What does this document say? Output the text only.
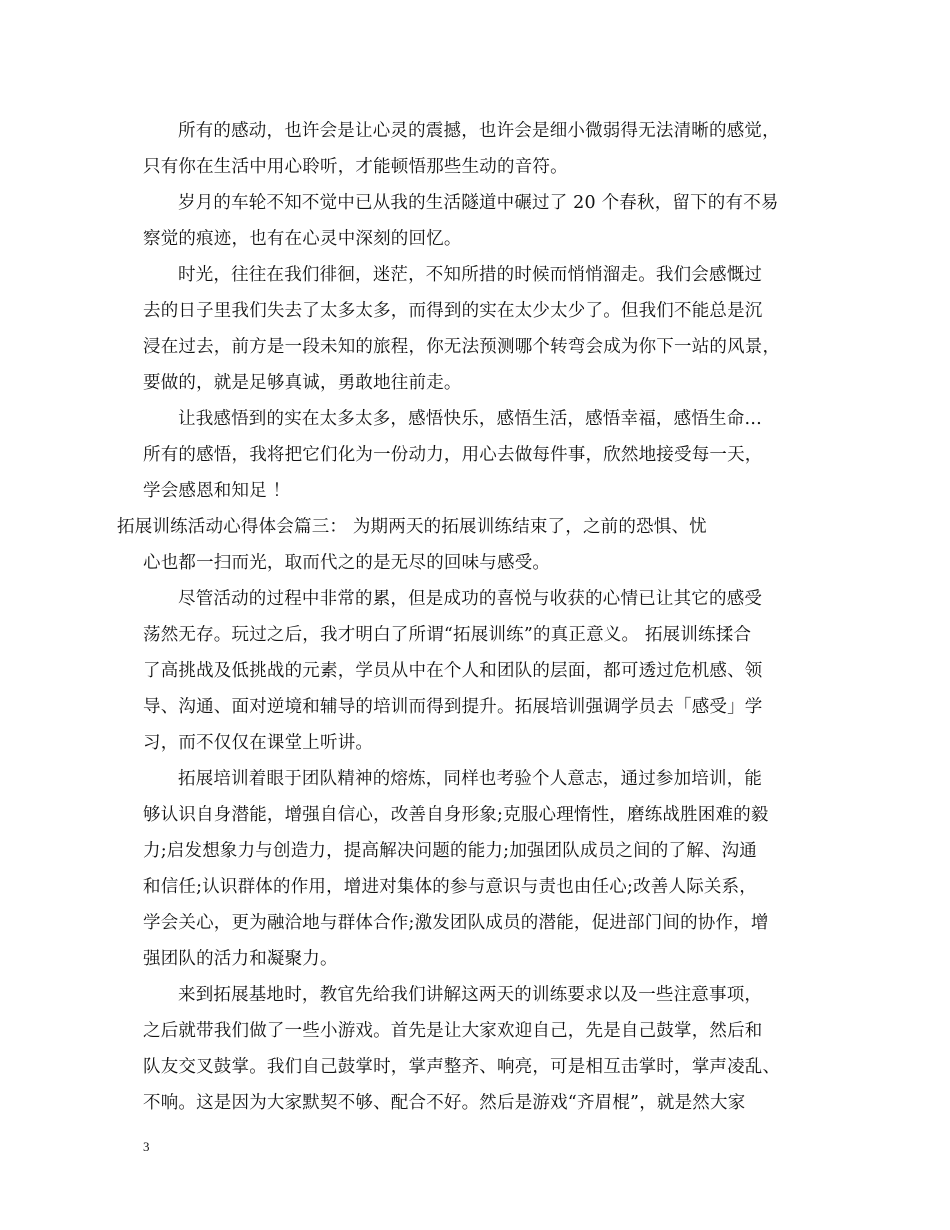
所有的感动，也许会是让心灵的震撼，也许会是细小微弱得无法清晰的感觉，
只有你在生活中用心聆听，才能顿悟那些生动的音符。
岁月的车轮不知不觉中已从我的生活隧道中碾过了 20 个春秋，留下的有不易
察觉的痕迹，也有在心灵中深刻的回忆。
时光，往往在我们徘徊，迷茫，不知所措的时候而悄悄溜走。我们会感慨过
去的日子里我们失去了太多太多，而得到的实在太少太少了。但我们不能总是沉
浸在过去，前方是一段未知的旅程，你无法预测哪个转弯会成为你下一站的风景，
要做的，就是足够真诚，勇敢地往前走。
让我感悟到的实在太多太多，感悟快乐，感悟生活，感悟幸福，感悟生命…
所有的感悟，我将把它们化为一份动力，用心去做每件事，欣然地接受每一天，
学会感恩和知足 ！
拓展训练活动心得体会篇三： 为期两天的拓展训练结束了，之前的恐惧、忧
心也都一扫而光，取而代之的是无尽的回味与感受。
尽管活动的过程中非常的累，但是成功的喜悦与收获的心情已让其它的感受
荡然无存。玩过之后，我才明白了所谓“拓展训练”的真正意义。 拓展训练揉合
了高挑战及低挑战的元素，学员从中在个人和团队的层面，都可透过危机感、领
导、沟通、面对逆境和辅导的培训而得到提升。拓展培训强调学员去「感受」学
习，而不仅仅在课堂上听讲。
拓展培训着眼于团队精神的熔炼，同样也考验个人意志，通过参加培训，能
够认识自身潜能，增强自信心，改善自身形象;克服心理惰性，磨练战胜困难的毅
力;启发想象力与创造力，提高解决问题的能力;加强团队成员之间的了解、沟通
和信任;认识群体的作用，增进对集体的参与意识与责也由任心;改善人际关系，
学会关心，更为融洽地与群体合作;激发团队成员的潜能，促进部门间的协作，增
强团队的活力和凝聚力。
来到拓展基地时，教官先给我们讲解这两天的训练要求以及一些注意事项，
之后就带我们做了一些小游戏。首先是让大家欢迎自己，先是自己鼓掌，然后和
队友交叉鼓掌。我们自己鼓掌时，掌声整齐、响亮，可是相互击掌时，掌声凌乱、
不响。这是因为大家默契不够、配合不好。然后是游戏“齐眉棍”，就是然大家
3
